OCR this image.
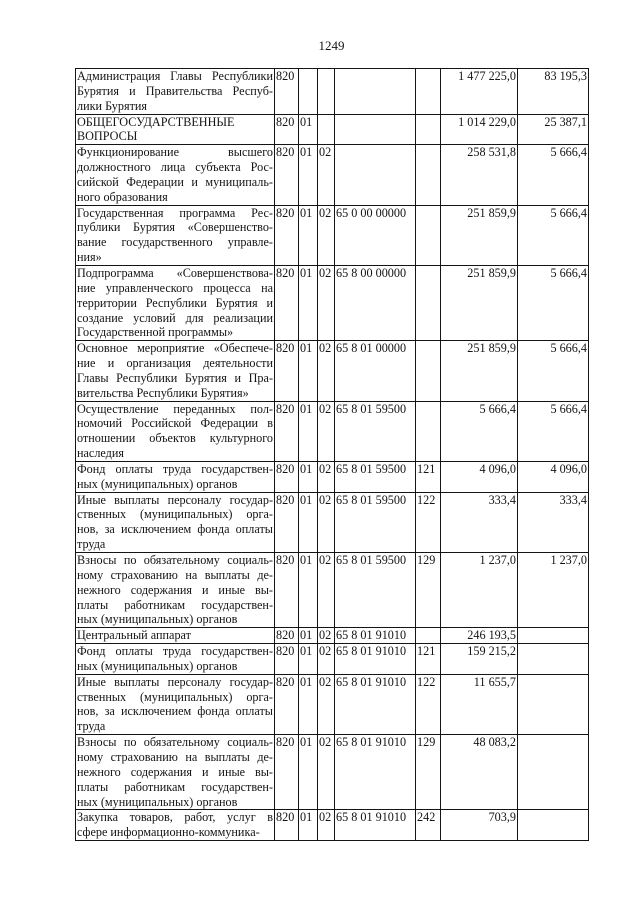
1249
Администрация Главы Республики
Бурятия и Правительства Респуб-
лики Бурятия	820					1 477 225,0	83 195,3

ОБЩЕГОСУДАРСТВЕННЫЕ
ВОПРОСЫ	820	01				1 014 229,0	25 387,1

Функционирование высшего
должностного лица субъекта Рос-
сийской Федерации и муниципаль-
ного образования	820	01	02			258 531,8	5 666,4

Государственная программа Рес-
публики Бурятия «Совершенство-
вание государственного управле-
ния»	820	01	02	65 0 00 00000		251 859,9	5 666,4

Подпрограмма «Совершенствова-
ние управленческого процесса на
территории Республики Бурятия и
создание условий для реализации
Государственной программы»	820	01	02	65 8 00 00000		251 859,9	5 666,4

Основное мероприятие «Обеспече-
ние и организация деятельности
Главы Республики Бурятия и Пра-
вительства Республики Бурятия»	820	01	02	65 8 01 00000		251 859,9	5 666,4

Осуществление переданных пол-
номочий Российской Федерации в
отношении объектов культурного
наследия	820	01	02	65 8 01 59500		5 666,4	5 666,4

Фонд оплаты труда государствен-
ных (муниципальных) органов	820	01	02	65 8 01 59500	121	4 096,0	4 096,0

Иные выплаты персоналу государ-
ственных (муниципальных) орга-
нов, за исключением фонда оплаты
труда	820	01	02	65 8 01 59500	122	333,4	333,4

Взносы по обязательному социаль-
ному страхованию на выплаты де-
нежного содержания и иные вы-
платы работникам государствен-
ных (муниципальных) органов	820	01	02	65 8 01 59500	129	1 237,0	1 237,0

Центральный аппарат	820	01	02	65 8 01 91010		246 193,5	

Фонд оплаты труда государствен-
ных (муниципальных) органов	820	01	02	65 8 01 91010	121	159 215,2	

Иные выплаты персоналу государ-
ственных (муниципальных) орга-
нов, за исключением фонда оплаты
труда	820	01	02	65 8 01 91010	122	11 655,7	

Взносы по обязательному социаль-
ному страхованию на выплаты де-
нежного содержания и иные вы-
платы работникам государствен-
ных (муниципальных) органов	820	01	02	65 8 01 91010	129	48 083,2	

Закупка товаров, работ, услуг в
сфере информационно-коммуника-	820	01	02	65 8 01 91010	242	703,9	
